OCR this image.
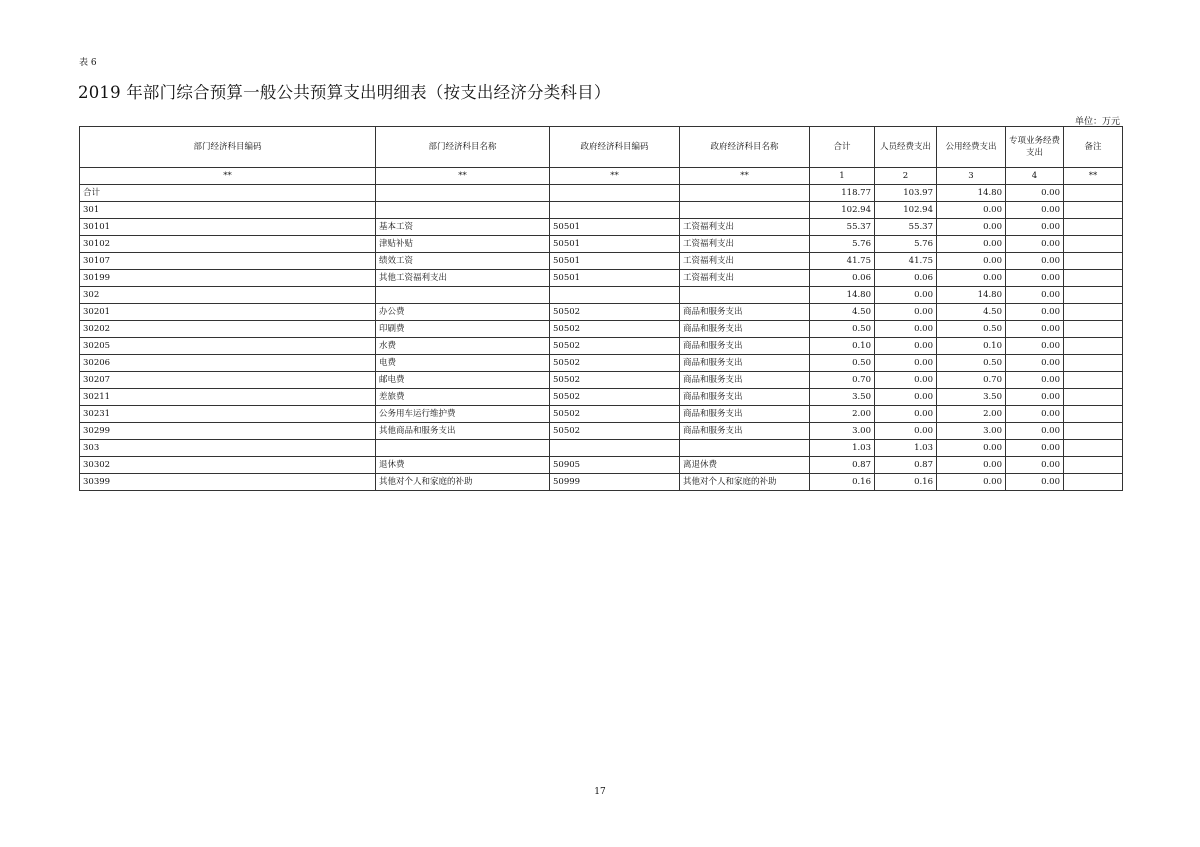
表 6
2019 年部门综合预算一般公共预算支出明细表（按支出经济分类科目）
单位：万元
部门经济科目编码	部门经济科目名称	政府经济科目编码	政府经济科目名称	合计	人员经费支出	公用经费支出	专项业务经费支出	备注
**	**	**	**	1	2	3	4	**
合计				118.77	103.97	14.80	0.00	
301				102.94	102.94	0.00	0.00	
30101	基本工资	50501	工资福利支出	55.37	55.37	0.00	0.00	
30102	津贴补贴	50501	工资福利支出	5.76	5.76	0.00	0.00	
30107	绩效工资	50501	工资福利支出	41.75	41.75	0.00	0.00	
30199	其他工资福利支出	50501	工资福利支出	0.06	0.06	0.00	0.00	
302				14.80	0.00	14.80	0.00	
30201	办公费	50502	商品和服务支出	4.50	0.00	4.50	0.00	
30202	印刷费	50502	商品和服务支出	0.50	0.00	0.50	0.00	
30205	水费	50502	商品和服务支出	0.10	0.00	0.10	0.00	
30206	电费	50502	商品和服务支出	0.50	0.00	0.50	0.00	
30207	邮电费	50502	商品和服务支出	0.70	0.00	0.70	0.00	
30211	差旅费	50502	商品和服务支出	3.50	0.00	3.50	0.00	
30231	公务用车运行维护费	50502	商品和服务支出	2.00	0.00	2.00	0.00	
30299	其他商品和服务支出	50502	商品和服务支出	3.00	0.00	3.00	0.00	
303				1.03	1.03	0.00	0.00	
30302	退休费	50905	离退休费	0.87	0.87	0.00	0.00	
30399	其他对个人和家庭的补助	50999	其他对个人和家庭的补助	0.16	0.16	0.00	0.00	
17
